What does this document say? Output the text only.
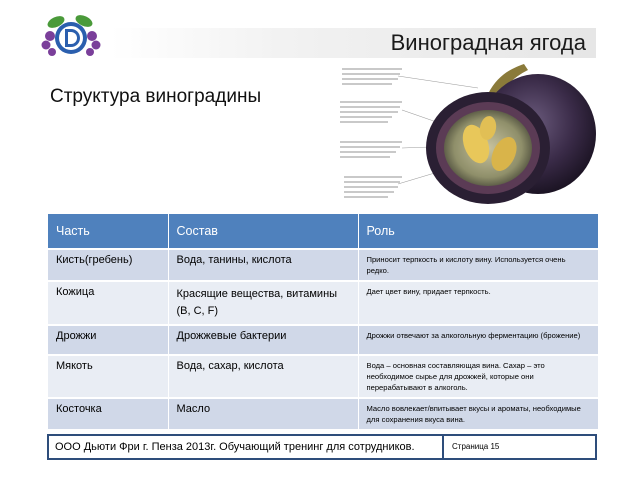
Виноградная ягода
Структура виноградины
Часть	Состав	Роль
Кисть(гребень)	Вода, танины, кислота	Приносит терпкость и кислоту вину. Используется очень редко.
Кожица	Красящие вещества, витамины (B, C, F)	Дает цвет вину, придает терпкость.
Дрожжи	Дрожжевые бактерии	Дрожжи отвечают за алкогольную ферментацию (брожение)
Мякоть	Вода, сахар, кислота	Вода – основная составляющая вина. Сахар – это необходимое сырье для дрожжей, которые они перерабатывают в алкоголь.
Косточка	Масло	Масло вовлекает/впитывает вкусы и ароматы, необходимые для сохранения вкуса вина.
ООО Дьюти Фри г. Пенза 2013г. Обучающий тренинг для сотрудников.	Страница 15
